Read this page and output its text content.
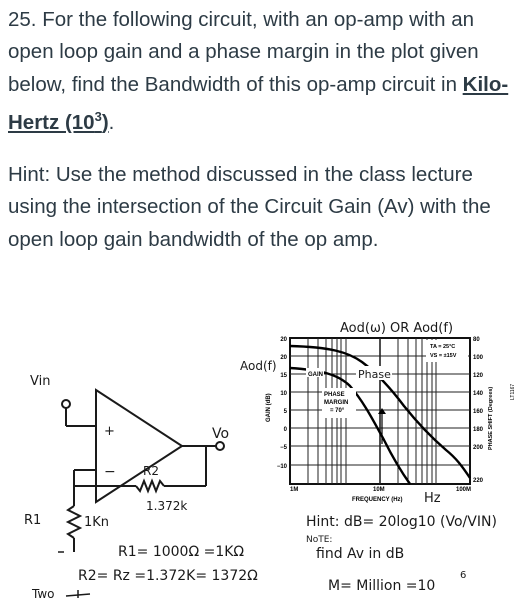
25. For the following circuit, with an op-amp with an open loop gain and a phase margin in the plot given below, find the Bandwidth of this op-amp circuit in Kilo-Hertz $(10^3)$.
Hint: Use the method discussed in the class lecture using the intersection of the Circuit Gain (Av) with the open loop gain bandwidth of the op amp.
Vin
+
−
Vo
R2
1.372k
R1	1Kn
R1= 1000Ω =1KΩ
R2= Rz =1.372K= 1372Ω
Two
Aod(ω) OR Aod(f)
Aod(f)
PHASE
MARGIN
= 70°
GAIN	Phase
TA = 25°C
VS = ±15V
20
20
15
10
5
0
−5
−10
80
100
120
140
160
180
200
220
GAIN (dB)	PHASE SHIFT (Degrees)	LT1167
1M	10M	100M
FREQUENCY (Hz) Hz
Hint: dB= 20log10 (Vo/VIN)
NoTE:
find Av in dB
M= Million =10
6
